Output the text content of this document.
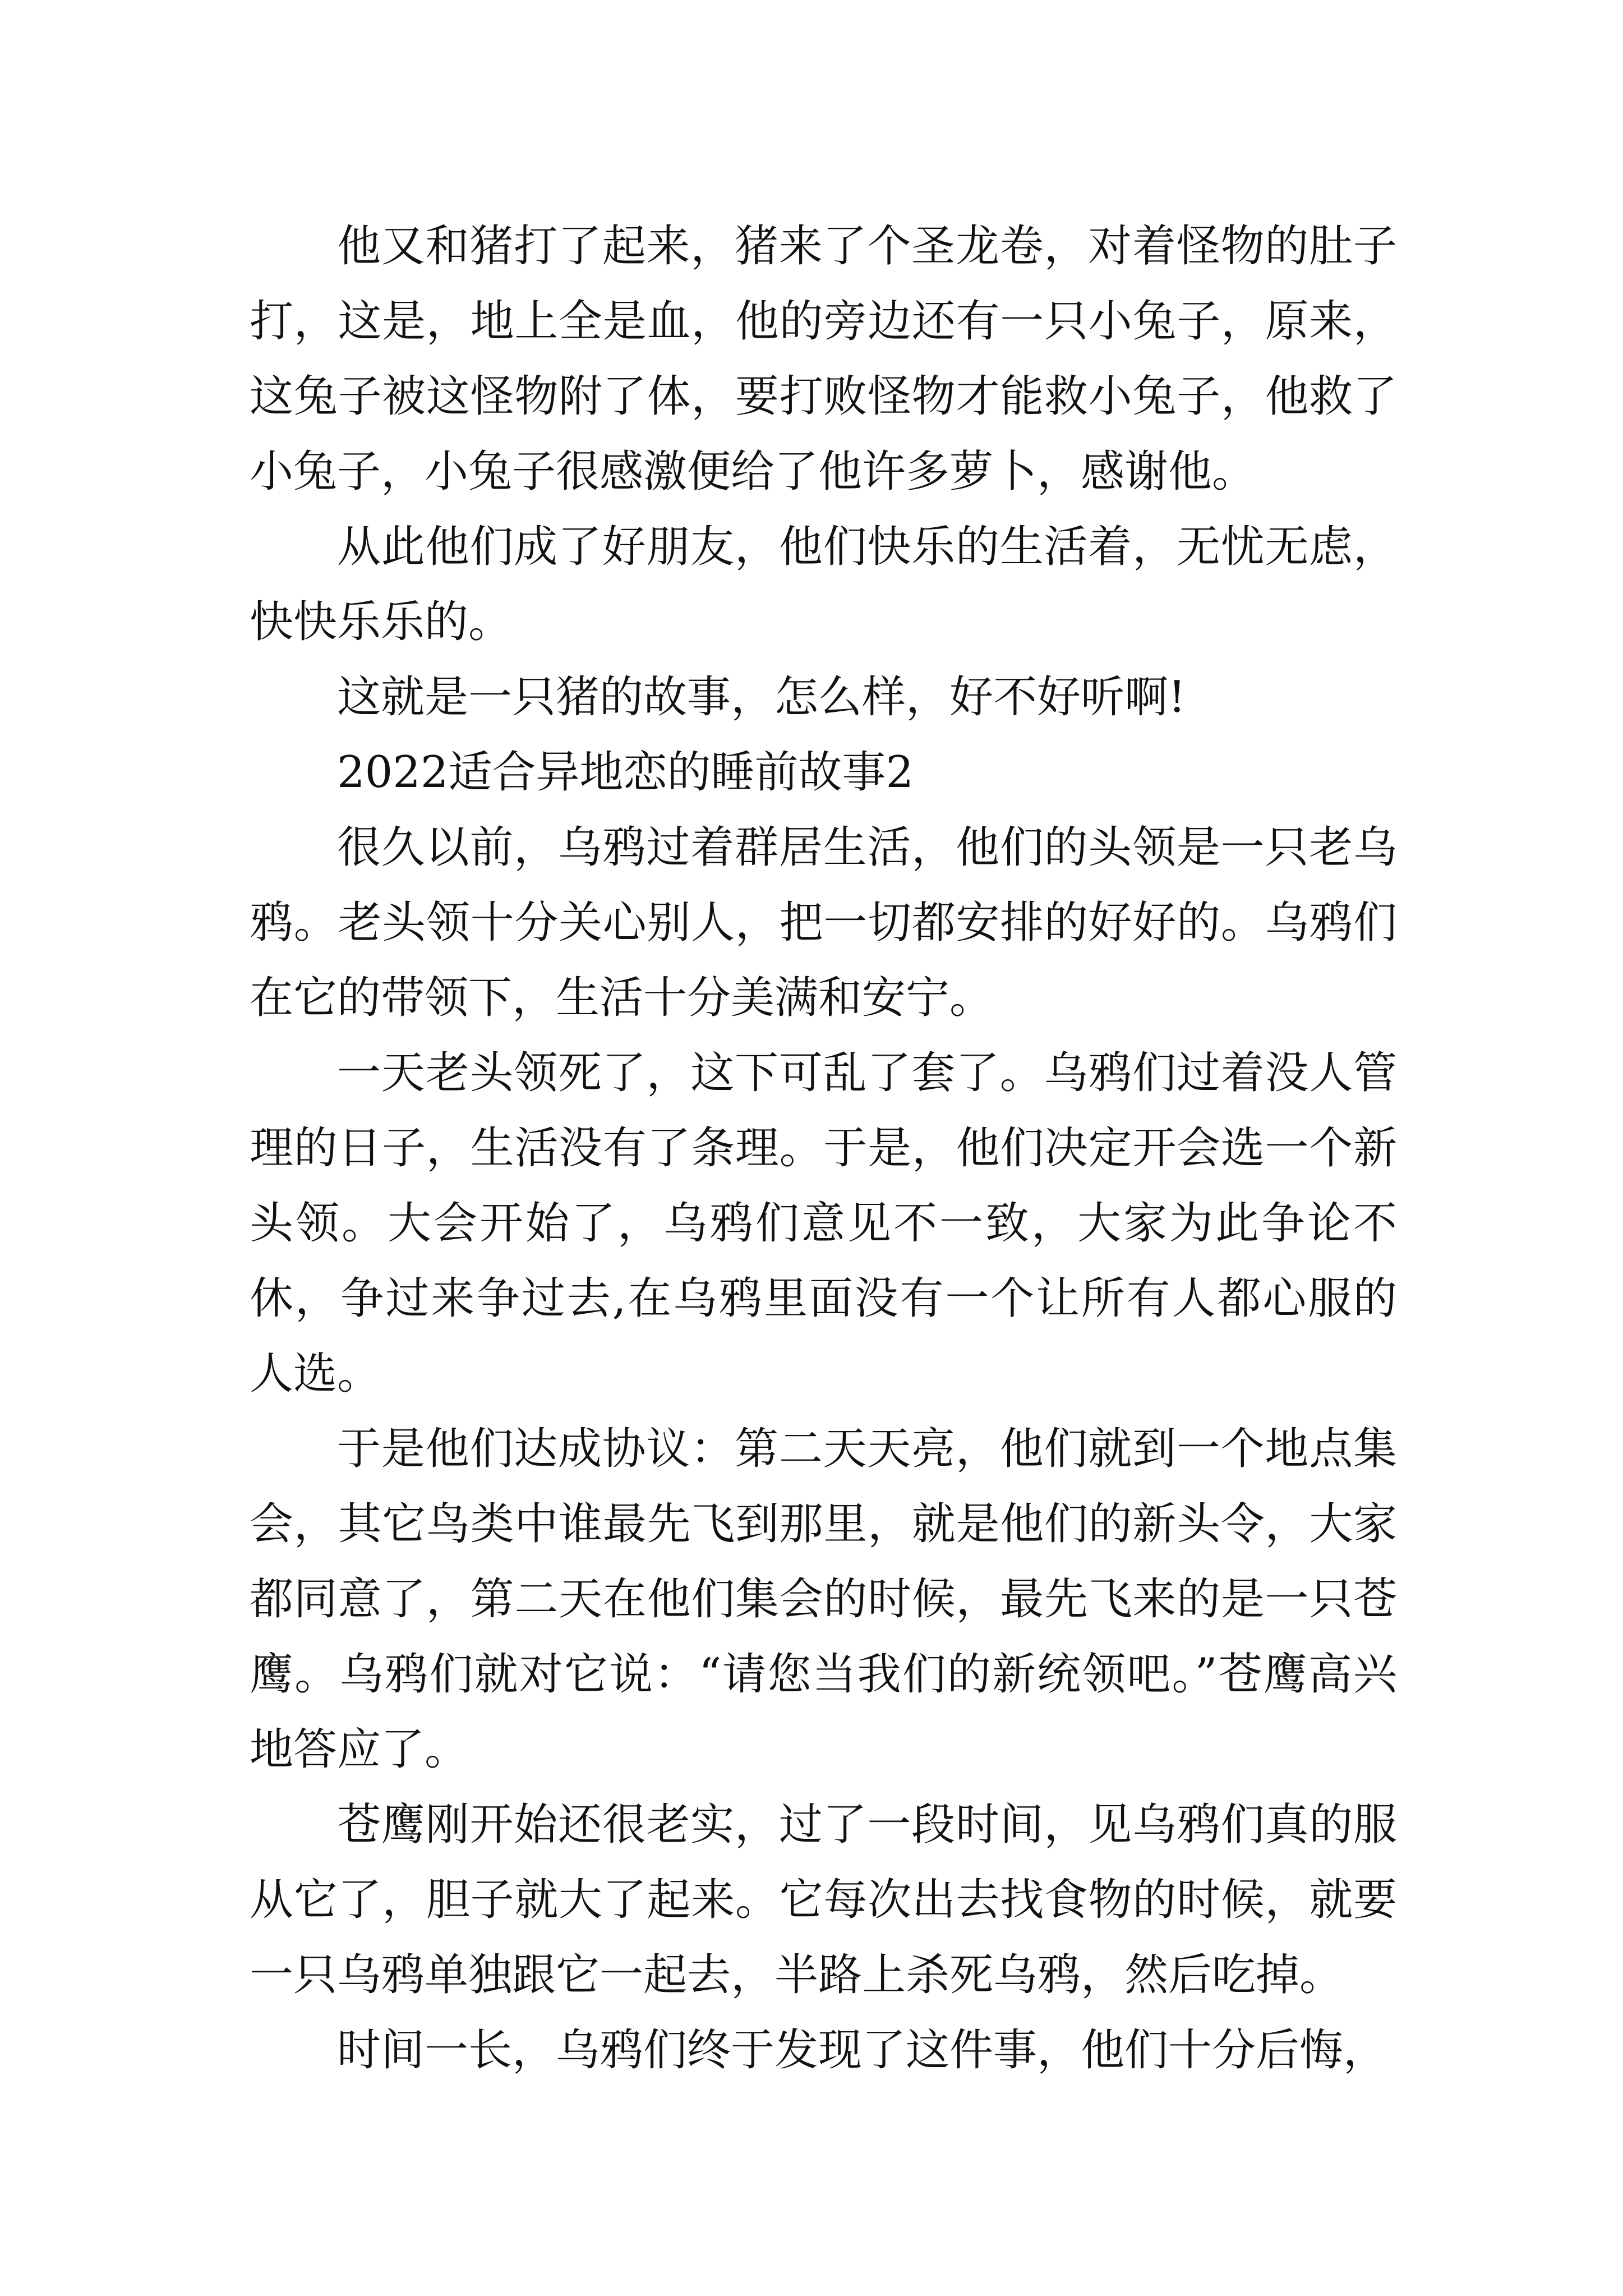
他又和猪打了起来，猪来了个圣龙卷，对着怪物的肚子打，这是，地上全是血，他的旁边还有一只小兔子，原来，这兔子被这怪物附了体，要打败怪物才能救小兔子，他救了小兔子，小兔子很感激便给了他许多萝卜，感谢他。

从此他们成了好朋友，他们快乐的生活着，无忧无虑，快快乐乐的。

这就是一只猪的故事，怎么样，好不好听啊!

2022适合异地恋的睡前故事2

很久以前，乌鸦过着群居生活，他们的头领是一只老乌鸦。老头领十分关心别人，把一切都安排的好好的。乌鸦们在它的带领下，生活十分美满和安宁。

一天老头领死了，这下可乱了套了。乌鸦们过着没人管理的日子，生活没有了条理。于是，他们决定开会选一个新头领。大会开始了，乌鸦们意见不一致，大家为此争论不休，争过来争过去,在乌鸦里面没有一个让所有人都心服的人选。

于是他们达成协议：第二天天亮，他们就到一个地点集会，其它鸟类中谁最先飞到那里，就是他们的新头令，大家都同意了，第二天在他们集会的时候，最先飞来的是一只苍鹰。乌鸦们就对它说：“请您当我们的新统领吧。”苍鹰高兴地答应了。

苍鹰刚开始还很老实，过了一段时间，见乌鸦们真的服从它了，胆子就大了起来。它每次出去找食物的时候，就要一只乌鸦单独跟它一起去，半路上杀死乌鸦，然后吃掉。

时间一长，乌鸦们终于发现了这件事，他们十分后悔，
